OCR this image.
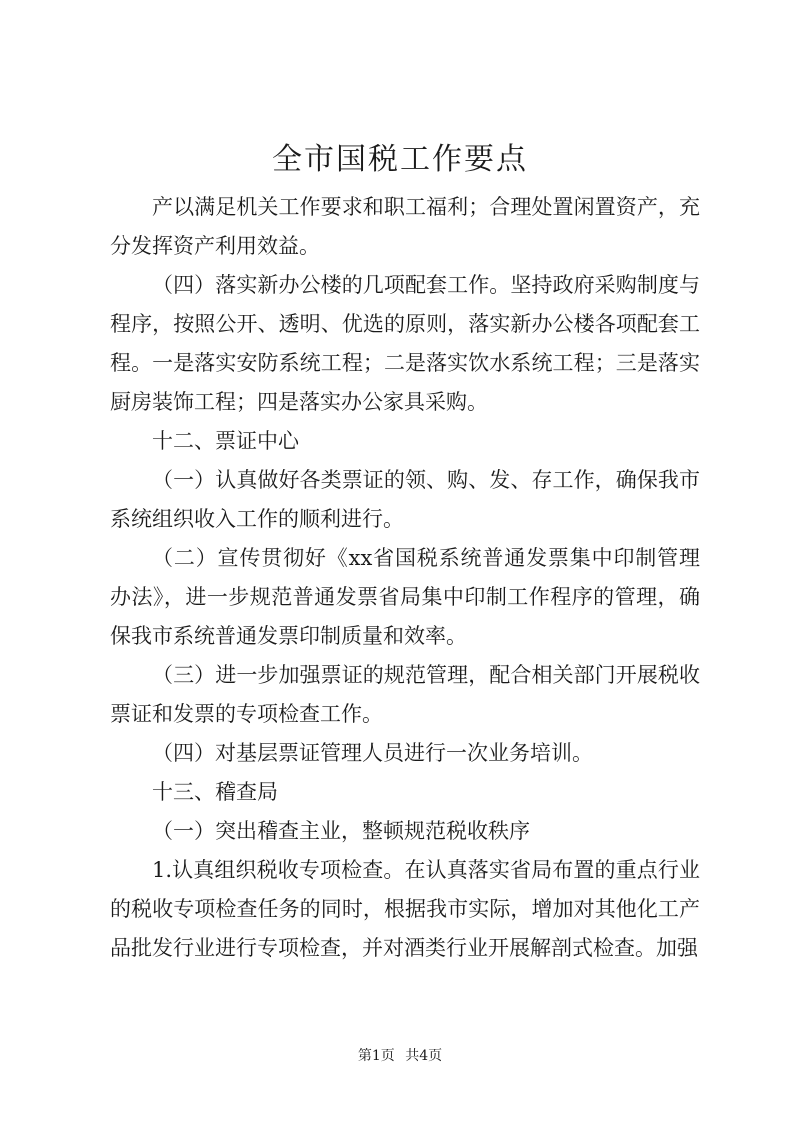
全市国税工作要点

产以满足机关工作要求和职工福利；合理处置闲置资产，充分发挥资产利用效益。

（四）落实新办公楼的几项配套工作。坚持政府采购制度与程序，按照公开、透明、优选的原则，落实新办公楼各项配套工程。一是落实安防系统工程；二是落实饮水系统工程；三是落实厨房装饰工程；四是落实办公家具采购。

十二、票证中心

（一）认真做好各类票证的领、购、发、存工作，确保我市系统组织收入工作的顺利进行。

（二）宣传贯彻好《xx省国税系统普通发票集中印制管理办法》，进一步规范普通发票省局集中印制工作程序的管理，确保我市系统普通发票印制质量和效率。

（三）进一步加强票证的规范管理，配合相关部门开展税收票证和发票的专项检查工作。

（四）对基层票证管理人员进行一次业务培训。

十三、稽查局

（一）突出稽查主业，整顿规范税收秩序

1.认真组织税收专项检查。在认真落实省局布置的重点行业的税收专项检查任务的同时，根据我市实际，增加对其他化工产品批发行业进行专项检查，并对酒类行业开展解剖式检查。加强

第1页 共4页
